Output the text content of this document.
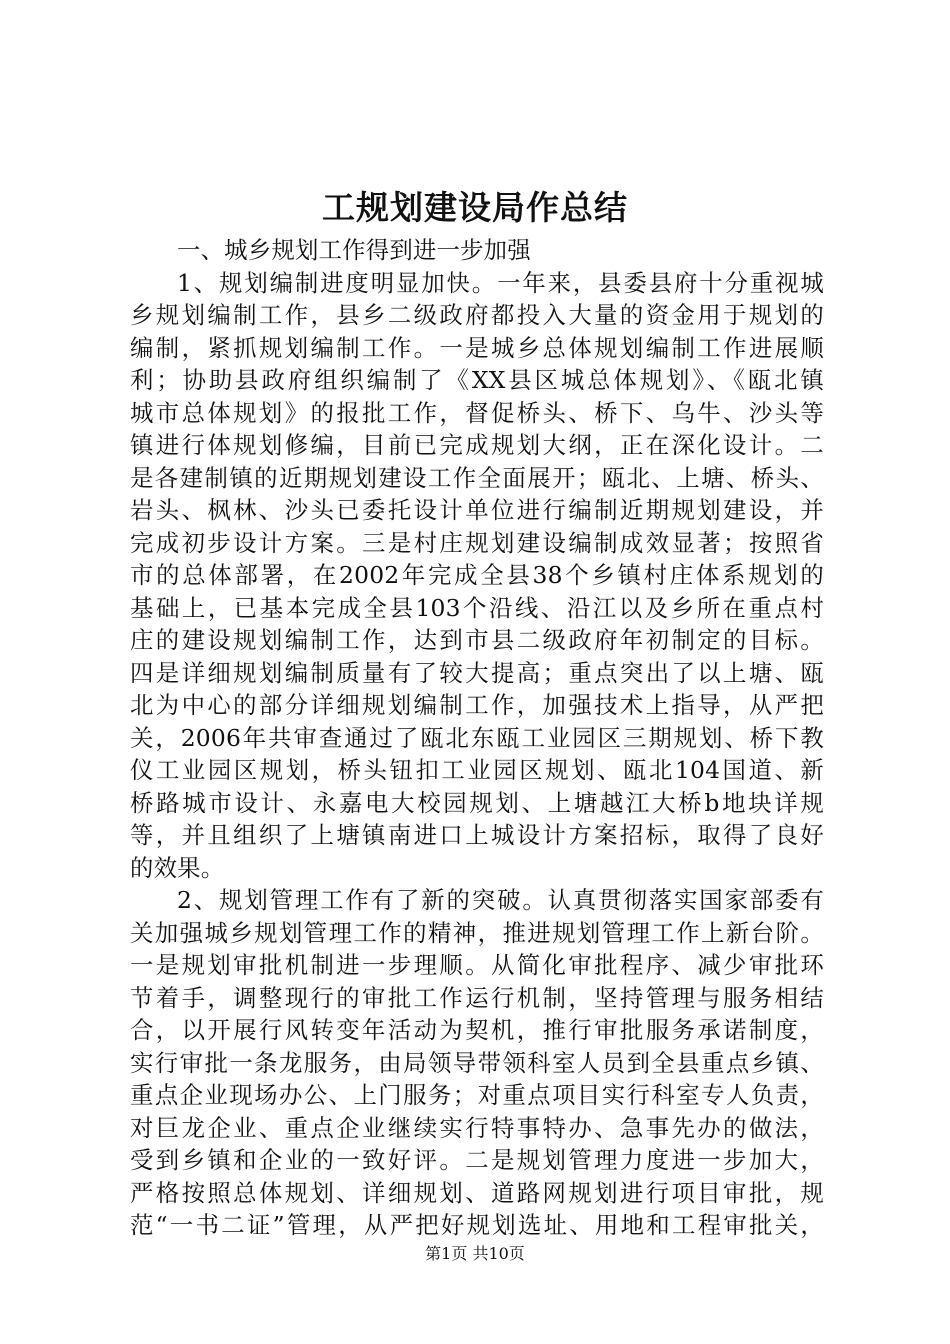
工规划建设局作总结
一、城乡规划工作得到进一步加强
1、规划编制进度明显加快。一年来，县委县府十分重视城
乡规划编制工作，县乡二级政府都投入大量的资金用于规划的
编制，紧抓规划编制工作。一是城乡总体规划编制工作进展顺
利；协助县政府组织编制了《XX县区城总体规划》、《瓯北镇
城市总体规划》的报批工作，督促桥头、桥下、乌牛、沙头等
镇进行体规划修编，目前已完成规划大纲，正在深化设计。二
是各建制镇的近期规划建设工作全面展开；瓯北、上塘、桥头、
岩头、枫林、沙头已委托设计单位进行编制近期规划建设，并
完成初步设计方案。三是村庄规划建设编制成效显著；按照省
市的总体部署，在2002年完成全县38个乡镇村庄体系规划的
基础上，已基本完成全县103个沿线、沿江以及乡所在重点村
庄的建设规划编制工作，达到市县二级政府年初制定的目标。
四是详细规划编制质量有了较大提高；重点突出了以上塘、瓯
北为中心的部分详细规划编制工作，加强技术上指导，从严把
关，2006年共审查通过了瓯北东瓯工业园区三期规划、桥下教
仪工业园区规划，桥头钮扣工业园区规划、瓯北104国道、新
桥路城市设计、永嘉电大校园规划、上塘越江大桥b地块详规
等，并且组织了上塘镇南进口上城设计方案招标，取得了良好
的效果。
2、规划管理工作有了新的突破。认真贯彻落实国家部委有
关加强城乡规划管理工作的精神，推进规划管理工作上新台阶。
一是规划审批机制进一步理顺。从简化审批程序、减少审批环
节着手，调整现行的审批工作运行机制，坚持管理与服务相结
合，以开展行风转变年活动为契机，推行审批服务承诺制度，
实行审批一条龙服务，由局领导带领科室人员到全县重点乡镇、
重点企业现场办公、上门服务；对重点项目实行科室专人负责，
对巨龙企业、重点企业继续实行特事特办、急事先办的做法，
受到乡镇和企业的一致好评。二是规划管理力度进一步加大，
严格按照总体规划、详细规划、道路网规划进行项目审批，规
范“一书二证”管理，从严把好规划选址、用地和工程审批关，
第1页 共10页
